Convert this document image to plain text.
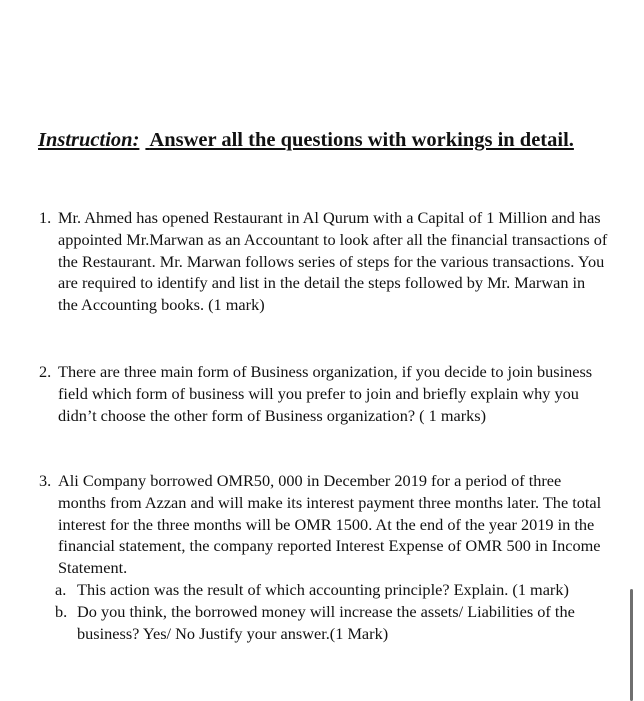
Instruction: Answer all the questions with workings in detail.
1. Mr. Ahmed has opened Restaurant in Al Qurum with a Capital of 1 Million and has appointed Mr.Marwan as an Accountant to look after all the financial transactions of the Restaurant. Mr. Marwan follows series of steps for the various transactions. You are required to identify and list in the detail the steps followed by Mr. Marwan in the Accounting books. (1 mark)
2. There are three main form of Business organization, if you decide to join business field which form of business will you prefer to join and briefly explain why you didn’t choose the other form of Business organization? ( 1 marks)
3. Ali Company borrowed OMR50, 000 in December 2019 for a period of three months from Azzan and will make its interest payment three months later. The total interest for the three months will be OMR 1500. At the end of the year 2019 in the financial statement, the company reported Interest Expense of OMR 500 in Income Statement.
a. This action was the result of which accounting principle? Explain. (1 mark)
b. Do you think, the borrowed money will increase the assets/ Liabilities of the business? Yes/ No Justify your answer.(1 Mark)
